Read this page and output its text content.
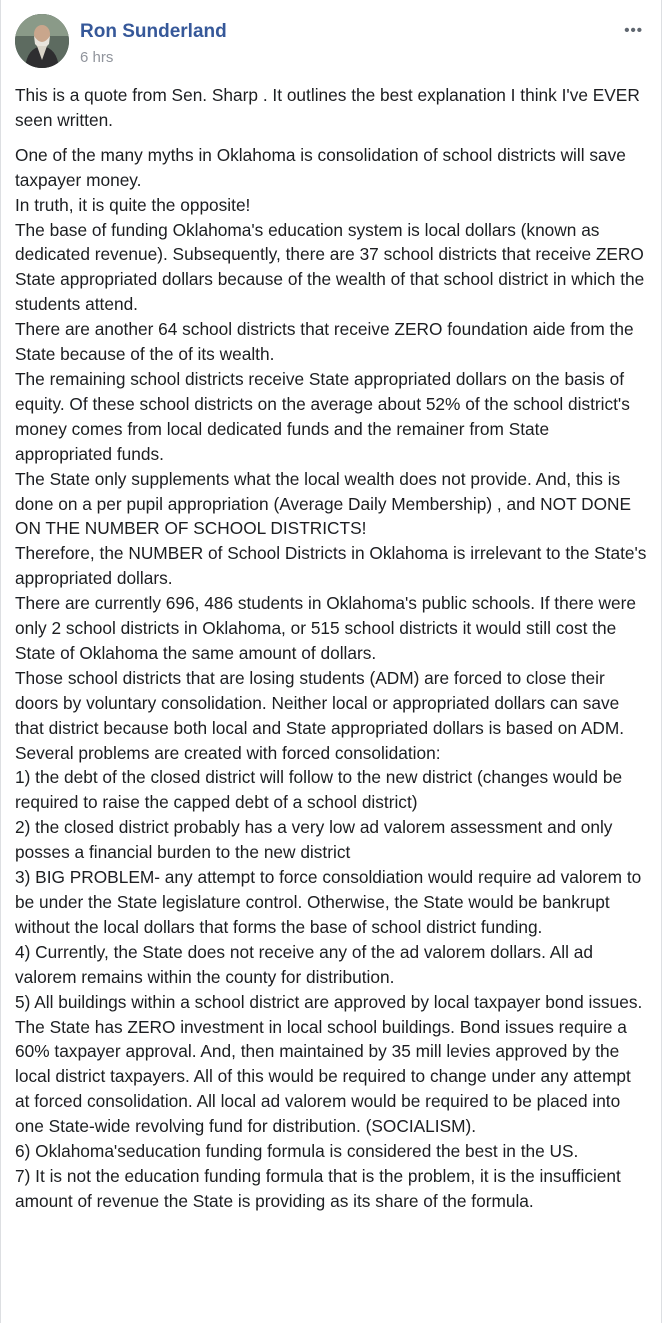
Ron Sunderland
6 hrs
•••

This is a quote from Sen. Sharp . It outlines the best explanation I think I've EVER seen written.

One of the many myths in Oklahoma is consolidation of school districts will save taxpayer money.

In truth, it is quite the opposite!

The base of funding Oklahoma's education system is local dollars (known as dedicated revenue). Subsequently, there are 37 school districts that receive ZERO State appropriated dollars because of the wealth of that school district in which the students attend.

There are another 64 school districts that receive ZERO foundation aide from the State because of the of its wealth.

The remaining school districts receive State appropriated dollars on the basis of equity. Of these school districts on the average about 52% of the school district's money comes from local dedicated funds and the remainer from State appropriated funds.

The State only supplements what the local wealth does not provide. And, this is done on a per pupil appropriation (Average Daily Membership) , and NOT DONE ON THE NUMBER OF SCHOOL DISTRICTS!

Therefore, the NUMBER of School Districts in Oklahoma is irrelevant to the State's appropriated dollars.

There are currently 696, 486 students in Oklahoma's public schools. If there were only 2 school districts in Oklahoma, or 515 school districts it would still cost the State of Oklahoma the same amount of dollars.

Those school districts that are losing students (ADM) are forced to close their doors by voluntary consolidation. Neither local or appropriated dollars can save that district because both local and State appropriated dollars is based on ADM.

Several problems are created with forced consolidation:

1) the debt of the closed district will follow to the new district (changes would be required to raise the capped debt of a school district)

2) the closed district probably has a very low ad valorem assessment and only posses a financial burden to the new district

3) BIG PROBLEM- any attempt to force consoldiation would require ad valorem to be under the State legislature control. Otherwise, the State would be bankrupt without the local dollars that forms the base of school district funding.

4) Currently, the State does not receive any of the ad valorem dollars. All ad valorem remains within the county for distribution.

5) All buildings within a school district are approved by local taxpayer bond issues. The State has ZERO investment in local school buildings. Bond issues require a 60% taxpayer approval. And, then maintained by 35 mill levies approved by the local district taxpayers. All of this would be required to change under any attempt at forced consolidation. All local ad valorem would be required to be placed into one State-wide revolving fund for distribution. (SOCIALISM).

6) Oklahoma'seducation funding formula is considered the best in the US.

7) It is not the education funding formula that is the problem, it is the insufficient amount of revenue the State is providing as its share of the formula.
